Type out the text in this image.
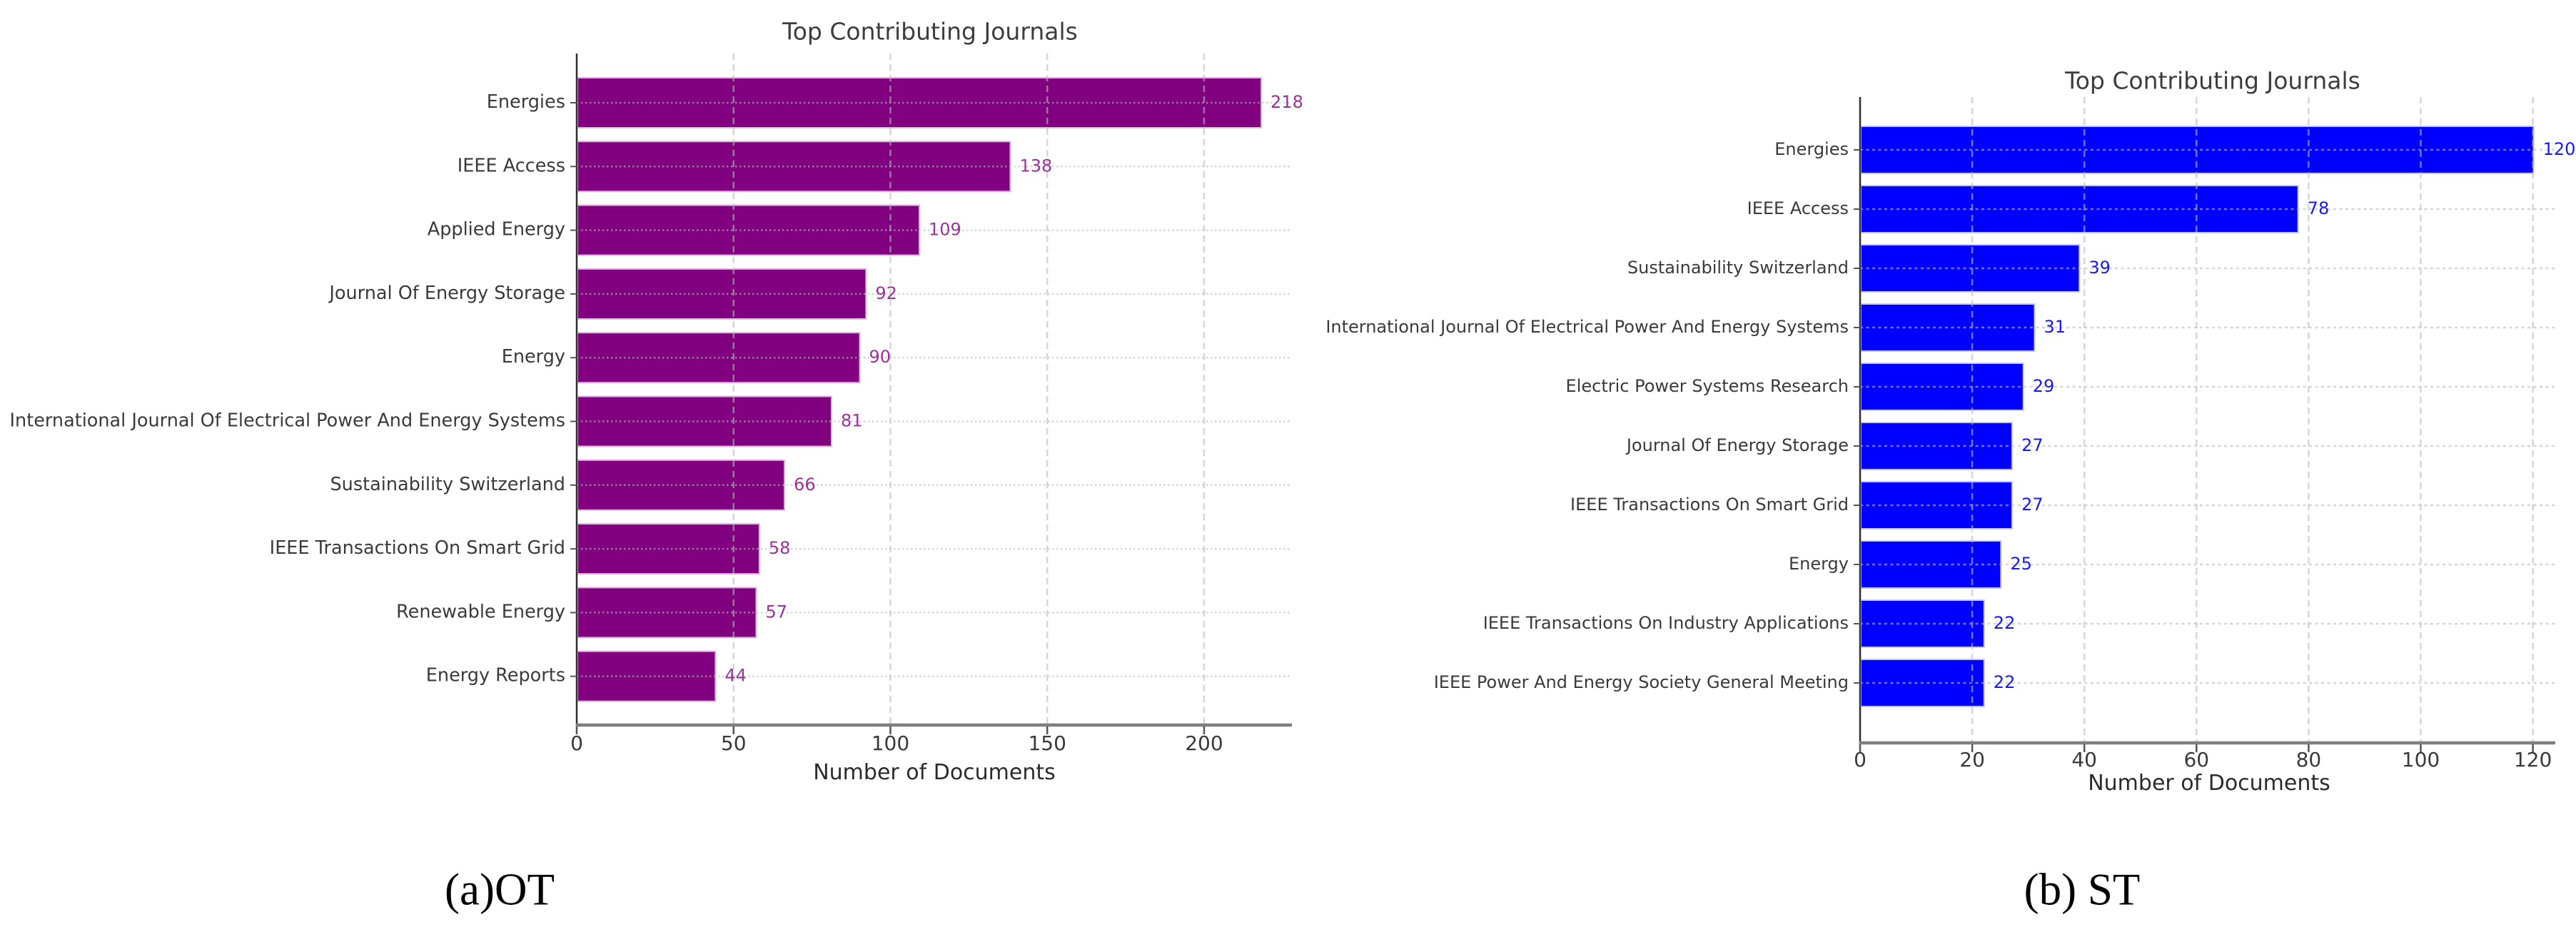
0	50	100	150	200
Energies	218
IEEE Access	138
Applied Energy	109
Journal Of Energy Storage	92
Energy	90
International Journal Of Electrical Power And Energy Systems	81
Sustainability Switzerland	66
IEEE Transactions On Smart Grid	58
Renewable Energy	57
Energy Reports	44
0	20	40	60	80	100	120
Energies	120
IEEE Access	78
Sustainability Switzerland	39
International Journal Of Electrical Power And Energy Systems	31
Electric Power Systems Research	29
Journal Of Energy Storage	27
IEEE Transactions On Smart Grid	27
Energy	25
IEEE Transactions On Industry Applications	22
IEEE Power And Energy Society General Meeting	22
Top Contributing Journals
Top Contributing Journals
Number of Documents	Number of Documents
(a)OT	(b) ST
